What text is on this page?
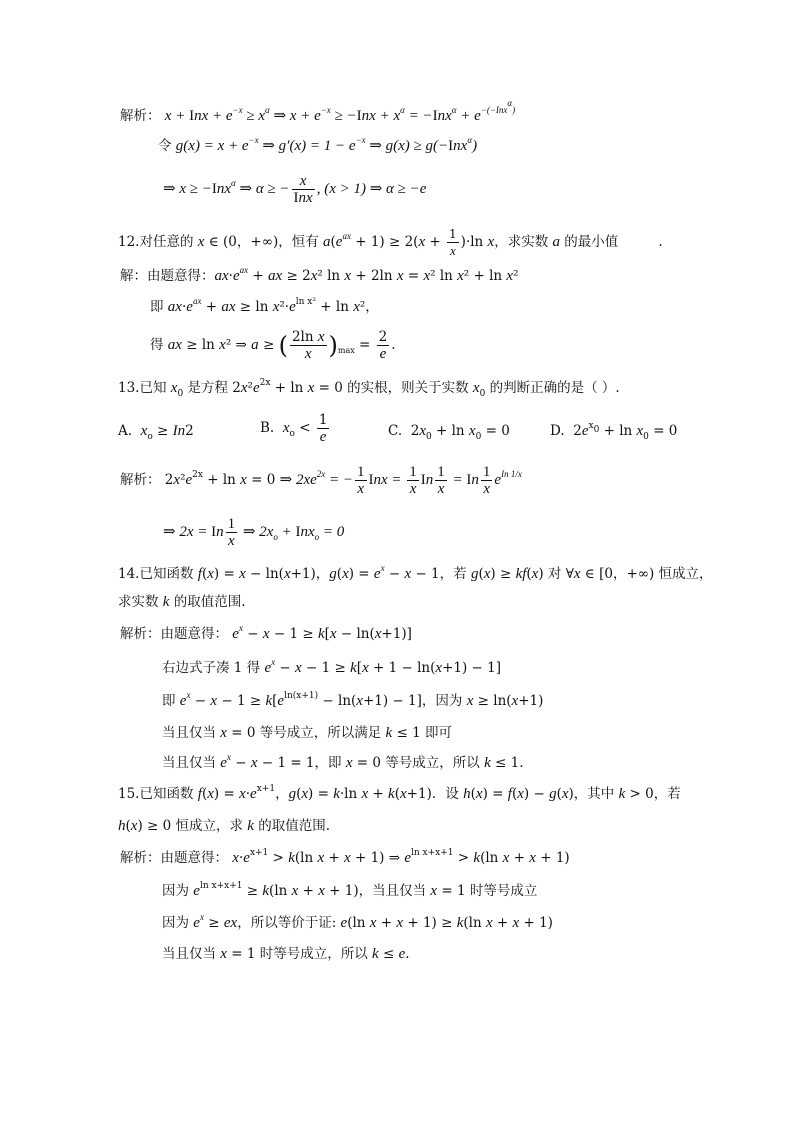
解析： x + Inx + $e^{-x} \ge x^\alpha$ ⇒ $x + e^{-x} \ge -Inx + x^\alpha = -Inx^\alpha + e^{-(-Inx^\alpha)}$
令 $g(x) = x + e^{-x}$ ⇒ $g'(x) = 1 - e^{-x}$ ⇒ g(x) ≥ g(−Inx$^\alpha$)
⇒ x ≥ −Inx$^\alpha$ ⇒ α ≥ − $\frac{x}{\text{Inx}}$ , (x > 1) ⇒ α ≥ −e
12.对任意的 x ∈ (0，+∞)，恒有 $a(e^{ax} + 1) \ge 2(x + \frac{1}{x} )\cdot\ln$ x，求实数 a 的最小值	.
解：由题意得：$ax\cdot e^{ax}$ + ax ≥ 2x² ln x + 2ln x = x² ln x² + ln x²
即 $ax\cdot e^{ax}$ + ax ≥ $\ln x^2\cdot e^{ln x^2} + \ln x^2$，
得 ax ≥ ln x² ⇒ a ≥ ( $\frac{\text{2ln x}}{x} )_{max} = \frac{2}{e}$ .
13.已知 $x_0$ 是方程 $2x^2e^{2x} + \ln x = 0$ 的实根，则关于实数 $x_0$ 的判断正确的是（ ）.
A. $x_o \ge In2$	B. $x_o < \frac{1}{e}$	C.  $2x_0 + \ln x_0 = 0$	D.  $2e^{x_0} + \ln x_0 = 0$
解析： $2x^2e^{2x} + \ln x = 0$ ⇒ $2xe^{2x}$ = − $\frac{1}{x}$ Inx = $\frac{1}{x}$ In $\frac{1}{x} = In \frac{1}{x} e^{In 1/x}$
⇒ 2x = In $\frac{1}{x}$ ⇒ $2x_o + Inx_o = 0$
14.已知函数 f(x) = x − ln(x+1)，$g(x) = e^x - x - 1$，若 g(x) ≥ kf(x) 对 ∀x ∈ [0，+∞) 恒成立，
求实数 k 的取值范围.
解析：由题意得： $e^x - x - 1 \ge k[x - \ln(x+1)]$
右边式子凑 1 得 $e^x - x - 1 \ge k[x + 1 - \ln(x+1) - 1]$
即 $e^x - x - 1 \ge k[e^{ln(x+1)} - \ln(x+1) - 1]$，因为 x ≥ ln(x+1)
当且仅当 x = 0 等号成立，所以满足 k ≤ 1 即可
当且仅当 $e^x - x - 1 = 1$，即 x = 0 等号成立，所以 k ≤ 1.
15.已知函数 $f(x) = x\cdot e^{x+1}$，g(x) = k·ln x + k(x+1)．设 h(x) = f(x) − g(x)，其中 k > 0，若
h(x) ≥ 0 恒成立，求 k 的取值范围.
解析：由题意得： $x\cdot e^{x+1} > k(\ln$ x + x + 1) ⇒ $e^{ln x+x+1} > k(\ln$ x + x + 1)
因为 $e^{ln x+x+1} \ge k(\ln$ x + x + 1)，当且仅当 x = 1 时等号成立
因为 $e^x$ ≥ ex，所以等价于证: e(ln x + x + 1) ≥ k(ln x + x + 1)
当且仅当 x = 1 时等号成立，所以 k ≤ e.
